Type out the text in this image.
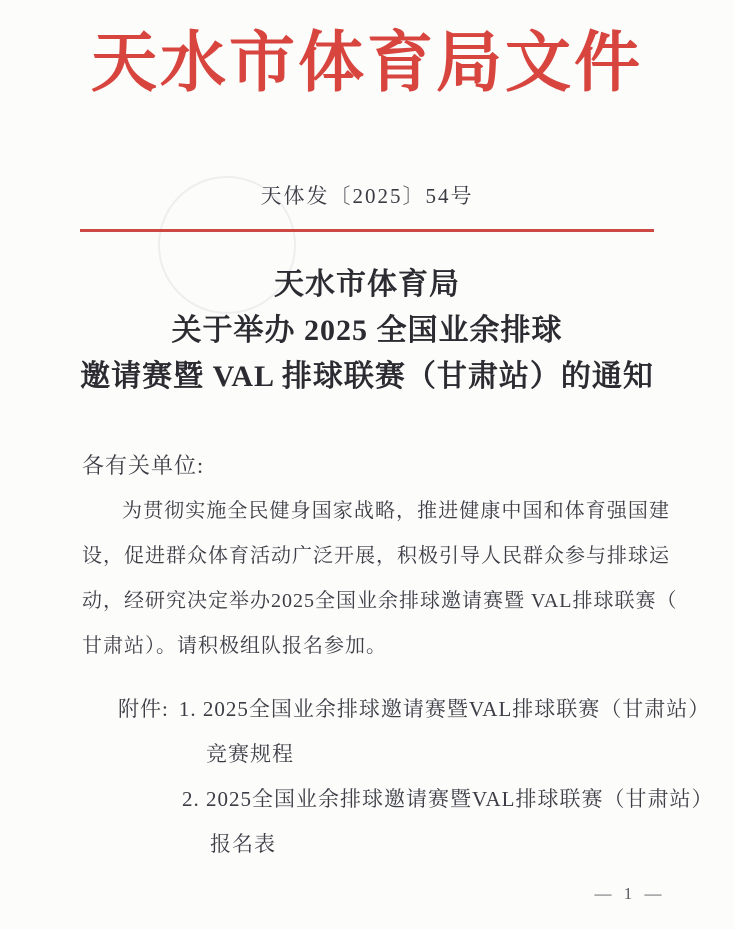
天水市体育局文件
天体发〔2025〕54号
天水市体育局
关于举办 2025 全国业余排球
邀请赛暨 VAL 排球联赛（甘肃站）的通知
各有关单位:
为贯彻实施全民健身国家战略，推进健康中国和体育强国建
设，促进群众体育活动广泛开展，积极引导人民群众参与排球运
动，经研究决定举办2025全国业余排球邀请赛暨 VAL排球联赛（
甘肃站）。请积极组队报名参加。
附件: 1. 2025全国业余排球邀请赛暨VAL排球联赛（甘肃站）
竞赛规程
2. 2025全国业余排球邀请赛暨VAL排球联赛（甘肃站）
报名表
— 1 —
